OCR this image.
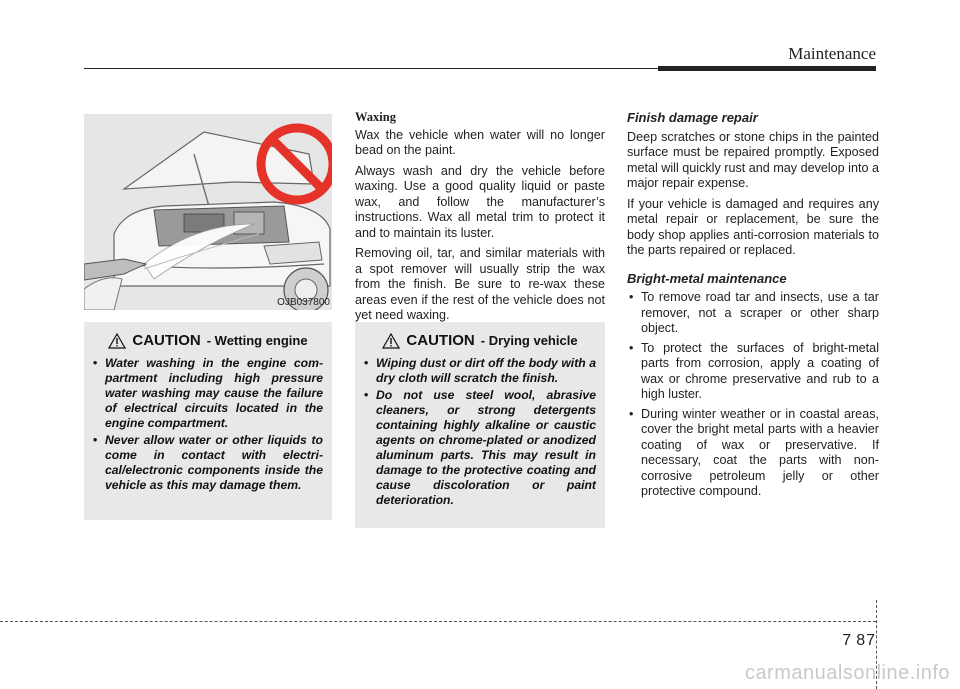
Maintenance
OJB037800
CAUTION - Wetting engine
• Water washing in the engine compartment including high pressure water washing may cause the failure of electrical circuits located in the engine compartment.
• Never allow water or other liquids to come in contact with electrical/electronic components inside the vehicle as this may damage them.
Waxing

Wax the vehicle when water will no longer bead on the paint.

Always wash and dry the vehicle before waxing. Use a good quality liquid or paste wax, and follow the manufacturer’s instructions. Wax all metal trim to protect it and to maintain its luster.

Removing oil, tar, and similar materials with a spot remover will usually strip the wax from the finish. Be sure to re-wax these areas even if the rest of the vehicle does not yet need waxing.

CAUTION - Drying vehicle
• Wiping dust or dirt off the body with a dry cloth will scratch the finish.
• Do not use steel wool, abrasive cleaners, or strong detergents containing highly alkaline or caustic agents on chrome-plated or anodized aluminum parts. This may result in damage to the protective coating and cause discoloration or paint deterioration.
Finish damage repair

Deep scratches or stone chips in the painted surface must be repaired promptly. Exposed metal will quickly rust and may develop into a major repair expense.

If your vehicle is damaged and requires any metal repair or replacement, be sure the body shop applies anti-corrosion materials to the parts repaired or replaced.

Bright-metal maintenance
• To remove road tar and insects, use a tar remover, not a scraper or other sharp object.
• To protect the surfaces of bright-metal parts from corrosion, apply a coating of wax or chrome preservative and rub to a high luster.
• During winter weather or in coastal areas, cover the bright metal parts with a heavier coating of wax or preservative. If necessary, coat the parts with non-corrosive petroleum jelly or other protective compound.
7 87
carmanualsonline.info
